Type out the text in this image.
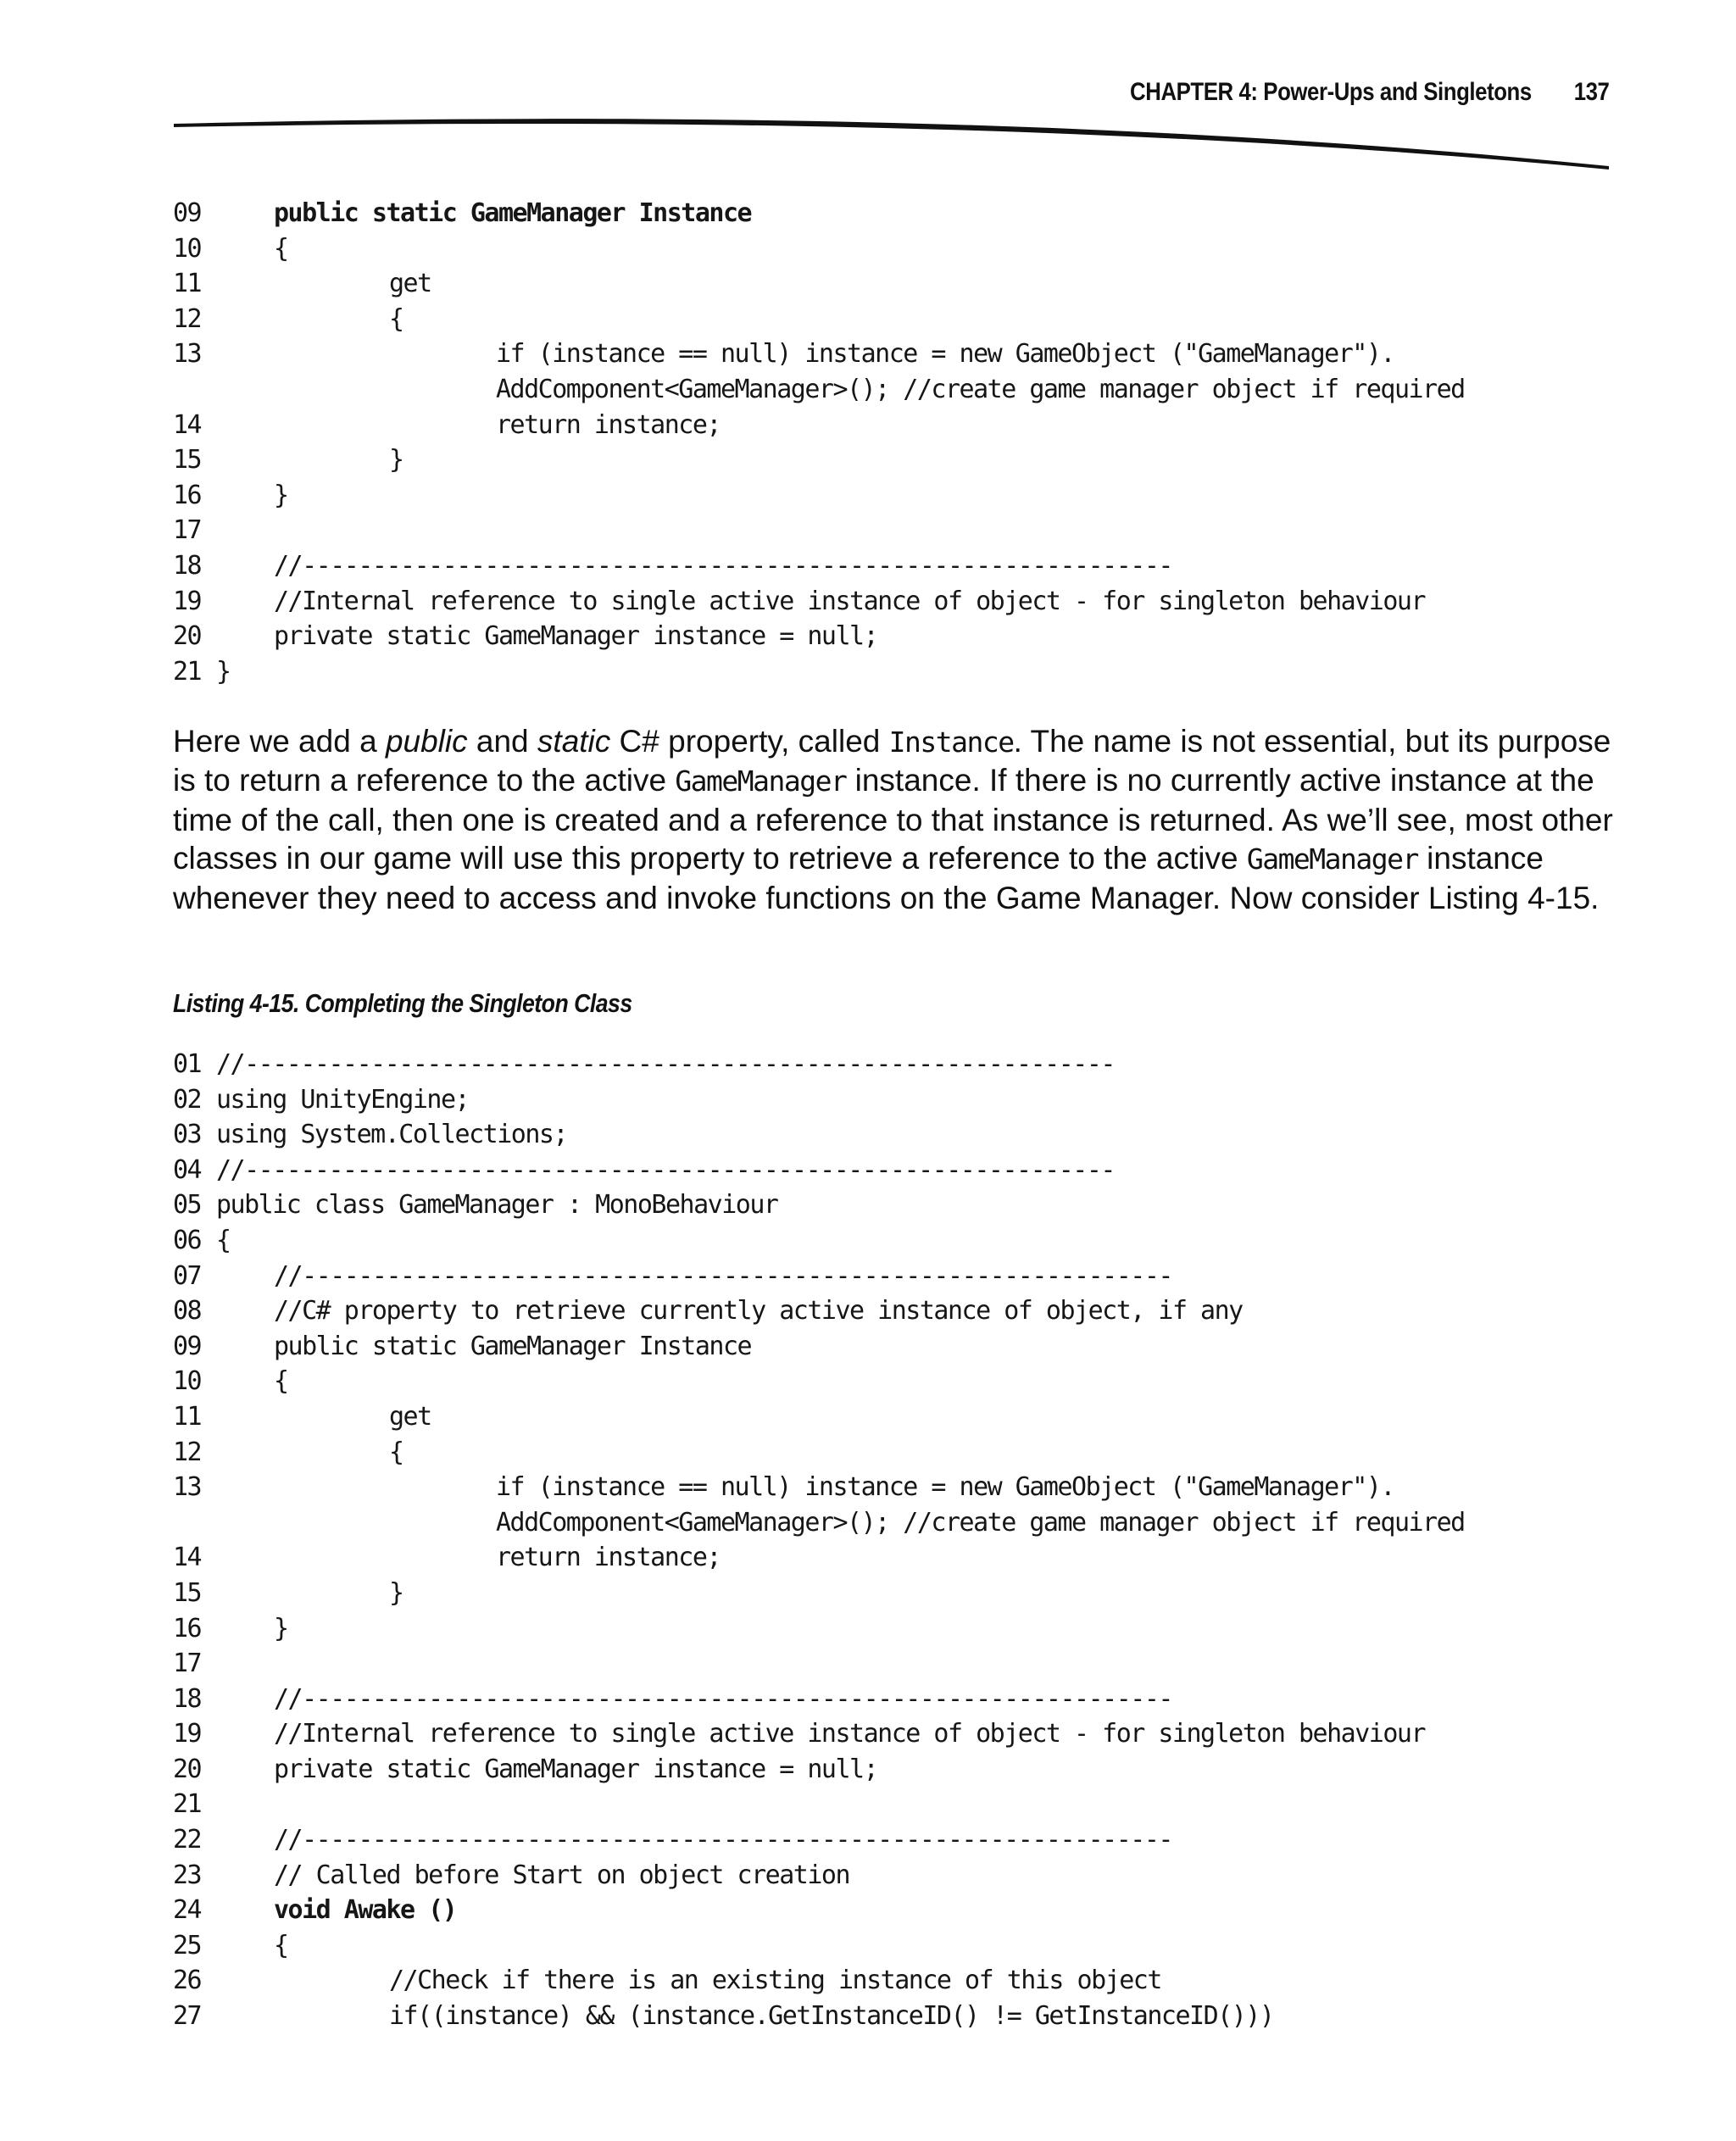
CHAPTER 4: Power-Ups and Singletons 137
09	public static GameManager Instance
10	{
11	get
12	{
13	if (instance == null) instance = new GameObject ("GameManager").
AddComponent<GameManager>(); //create game manager object if required
14	return instance;
15	}
16	}
17
18	//--------------------------------------------------------------
19	//Internal reference to single active instance of object - for singleton behaviour
20	private static GameManager instance = null;
21 }
Here we add a public and static C# property, called Instance. The name is not essential, but its purpose is to return a reference to the active GameManager instance. If there is no currently active instance at the time of the call, then one is created and a reference to that instance is returned. As we’ll see, most other classes in our game will use this property to retrieve a reference to the active GameManager instance whenever they need to access and invoke functions on the Game Manager. Now consider Listing 4-15.
Listing 4-15. Completing the Singleton Class
01 //--------------------------------------------------------------
02 using UnityEngine;
03 using System.Collections;
04 //--------------------------------------------------------------
05 public class GameManager : MonoBehaviour
06 {
07	//--------------------------------------------------------------
08	//C# property to retrieve currently active instance of object, if any
09	public static GameManager Instance
10	{
11	get
12	{
13	if (instance == null) instance = new GameObject ("GameManager").
AddComponent<GameManager>(); //create game manager object if required
14	return instance;
15	}
16	}
17
18	//--------------------------------------------------------------
19	//Internal reference to single active instance of object - for singleton behaviour
20	private static GameManager instance = null;
21
22	//--------------------------------------------------------------
23	// Called before Start on object creation
24	void Awake ()
25	{
26	//Check if there is an existing instance of this object
27	if((instance) && (instance.GetInstanceID() != GetInstanceID()))
